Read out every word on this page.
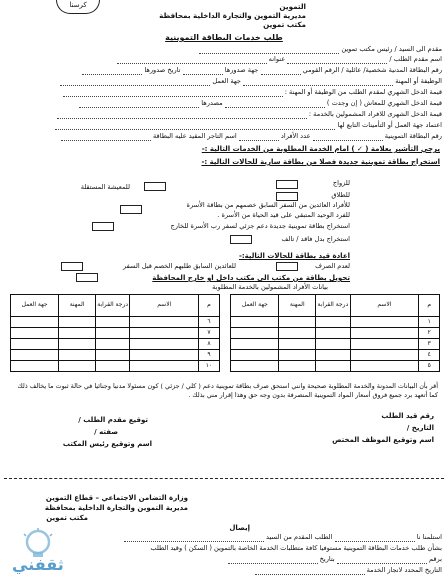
التموين
مديرية التموين والتجارة الداخلية بمحافظة
مكتب تموين
كرسنا
طلب خدمات البطاقة التموينية
مقدم الى السيد / رئيس مكتب تموين
اسم مقدم الطلب /  عنوانه
رقم البطاقة المدنية شخصية/ عائلية / الرقم القومي  جهة صدورها  تاريخ صدورها
الوظيفة أو المهنة  جهة العمل
قيمة الدخل الشهري لمقدم الطلب من الوظيفة أو المهنة :
قيمة الدخل الشهري للمعاش ( إن وجدت )  مصدرها
قيمة الدخل الشهرى للافراد المشمولين بالخدمة :
اعتماد جهة العمل أو التأمينات التابع لها
رقم البطاقة التموينية  عدد الأفراد  اسم التاجر المقيد عليه البطاقة
يرجي التأشير بعلامة ( ✓ ) امام الخدمة المطلوبة من الخدمات التالية :-
استخراج بطاقة تموينية جديدة فصلا من بطاقة سارية للحالات التالية :-
للزواج
للطلاق
للمعيشة المستقلة
للأفراد العائدين من السفر السابق خصمهم من بطاقة الأسرة
للفرد الوحيد المتبقي على قيد الحياة من الأسرة .
استخراج بطاقة تموينية جديدة دعم جزئي لسفر رب الأسرة للخارج
استخراج بدل فاقد / تالف
اعادة قيد بطاقة للحالات التالية:-
لعدم الصرف
للعائدين السابق طلبهم الخصم قبل السفر
تحويل بطاقة من مكتب الى مكتب داخل او خارج المحافظة
بيانات الأفراد المشمولين بالخدمة المطلوبة
م	الاسم	درجة القرابة	المهنة	جهة العمل		م	الاسم	درجة القرابة	المهنة	جهة العمل
١						٦				
٢						٧				
٣						٨				
٤						٩				
٥						١٠				
أقر بأن البيانات المدونة والخدمة المطلوبة صحيحة وانني استحق صرف بطاقة تموينية دعم ( كلي / جزئي ) كون مسئولا مدنيا وجنائيا في حالة ثبوت ما يخالف ذلك كما أتعهد برد جميع فروق أسعار المواد التموينية المنصرفة بدون وجه حق وهذا إقرار مني بذلك .
رقم قيد الطلب
التاريخ /
اسم وتوقيع الموظف المختص
توقيع مقدم الطلب /
صفته /
اسم وتوقيع رئيس المكتب
وزارة التضامن الاجتماعي – قطاع التموين
مديرية التموين والتجارة الداخلية بمحافظة
مكتب تموين
إيصال
استلمنا نا  الطلب المقدم من السيد
بشأن طلب خدمات البطاقة التموينية مستوفيا كافة متطلبات الخدمة الخاصة بالتموين ( السكن ) وقيد الطلب
برقم  بتاريخ
التاريخ المحدد لانجاز الخدمة
ثقفني
